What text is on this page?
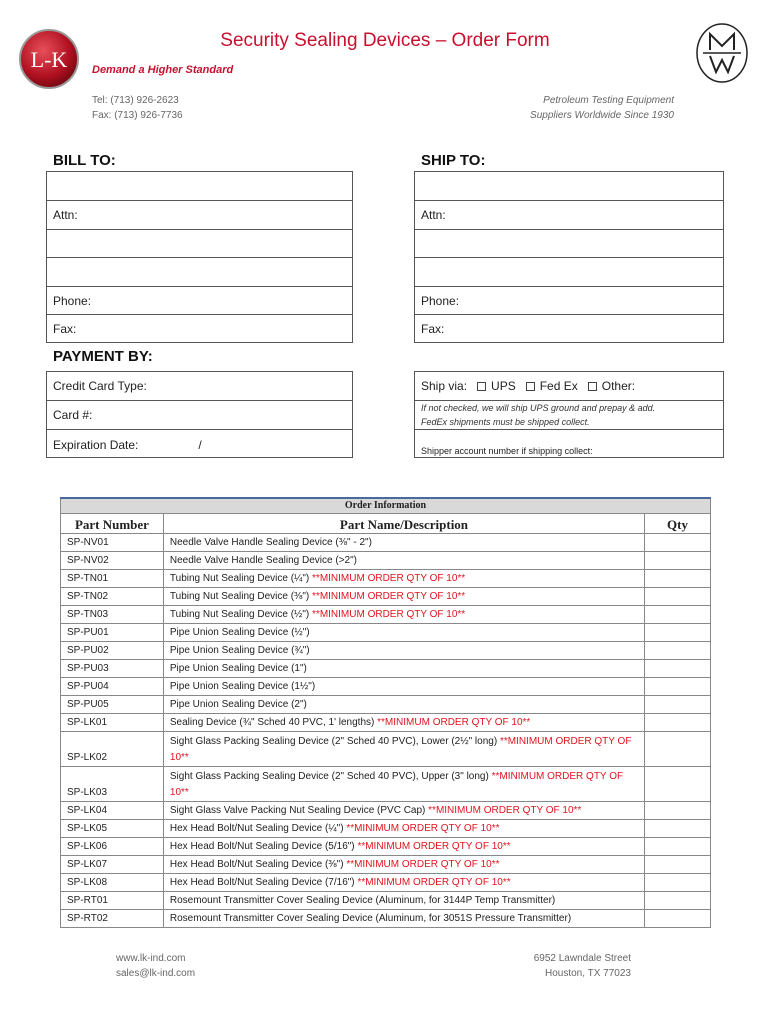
L-K
Security Sealing Devices – Order Form
Demand a Higher Standard
Tel: (713) 926-2623
Fax: (713) 926-7736
Petroleum Testing Equipment
Suppliers Worldwide Since 1930
BILL TO:	SHIP TO:
Attn:
Phone:
Fax:
Attn:
Phone:
Fax:
PAYMENT BY:
Credit Card Type:
Card #:
Expiration Date:	/
Ship via: UPS Fed Ex Other:
If not checked, we will ship UPS ground and prepay & add.
FedEx shipments must be shipped collect.
Shipper account number if shipping collect:
Order Information		
Part Number	Part Name/Description	Qty
SP-NV01	Needle Valve Handle Sealing Device (⅜" - 2")	
SP-NV02	Needle Valve Handle Sealing Device (>2")	
SP-TN01	Tubing Nut Sealing Device (¼") **MINIMUM ORDER QTY OF 10**	
SP-TN02	Tubing Nut Sealing Device (⅜") **MINIMUM ORDER QTY OF 10**	
SP-TN03	Tubing Nut Sealing Device (½") **MINIMUM ORDER QTY OF 10**	
SP-PU01	Pipe Union Sealing Device (½")	
SP-PU02	Pipe Union Sealing Device (¾")	
SP-PU03	Pipe Union Sealing Device (1")	
SP-PU04	Pipe Union Sealing Device (1½")	
SP-PU05	Pipe Union Sealing Device (2")	
SP-LK01	Sealing Device (¾" Sched 40 PVC, 1' lengths) **MINIMUM ORDER QTY OF 10**	
SP-LK02	Sight Glass Packing Sealing Device (2" Sched 40 PVC), Lower (2½" long) **MINIMUM ORDER QTY OF 10**	
SP-LK03	Sight Glass Packing Sealing Device (2" Sched 40 PVC), Upper (3" long) **MINIMUM ORDER QTY OF 10**	
SP-LK04	Sight Glass Valve Packing Nut Sealing Device (PVC Cap) **MINIMUM ORDER QTY OF 10**	
SP-LK05	Hex Head Bolt/Nut Sealing Device (¼") **MINIMUM ORDER QTY OF 10**	
SP-LK06	Hex Head Bolt/Nut Sealing Device (5/16") **MINIMUM ORDER QTY OF 10**	
SP-LK07	Hex Head Bolt/Nut Sealing Device (⅜") **MINIMUM ORDER QTY OF 10**	
SP-LK08	Hex Head Bolt/Nut Sealing Device (7/16") **MINIMUM ORDER QTY OF 10**	
SP-RT01	Rosemount Transmitter Cover Sealing Device (Aluminum, for 3144P Temp Transmitter)	
SP-RT02	Rosemount Transmitter Cover Sealing Device (Aluminum, for 3051S Pressure Transmitter)	
www.lk-ind.com
sales@lk-ind.com
6952 Lawndale Street
Houston, TX 77023
